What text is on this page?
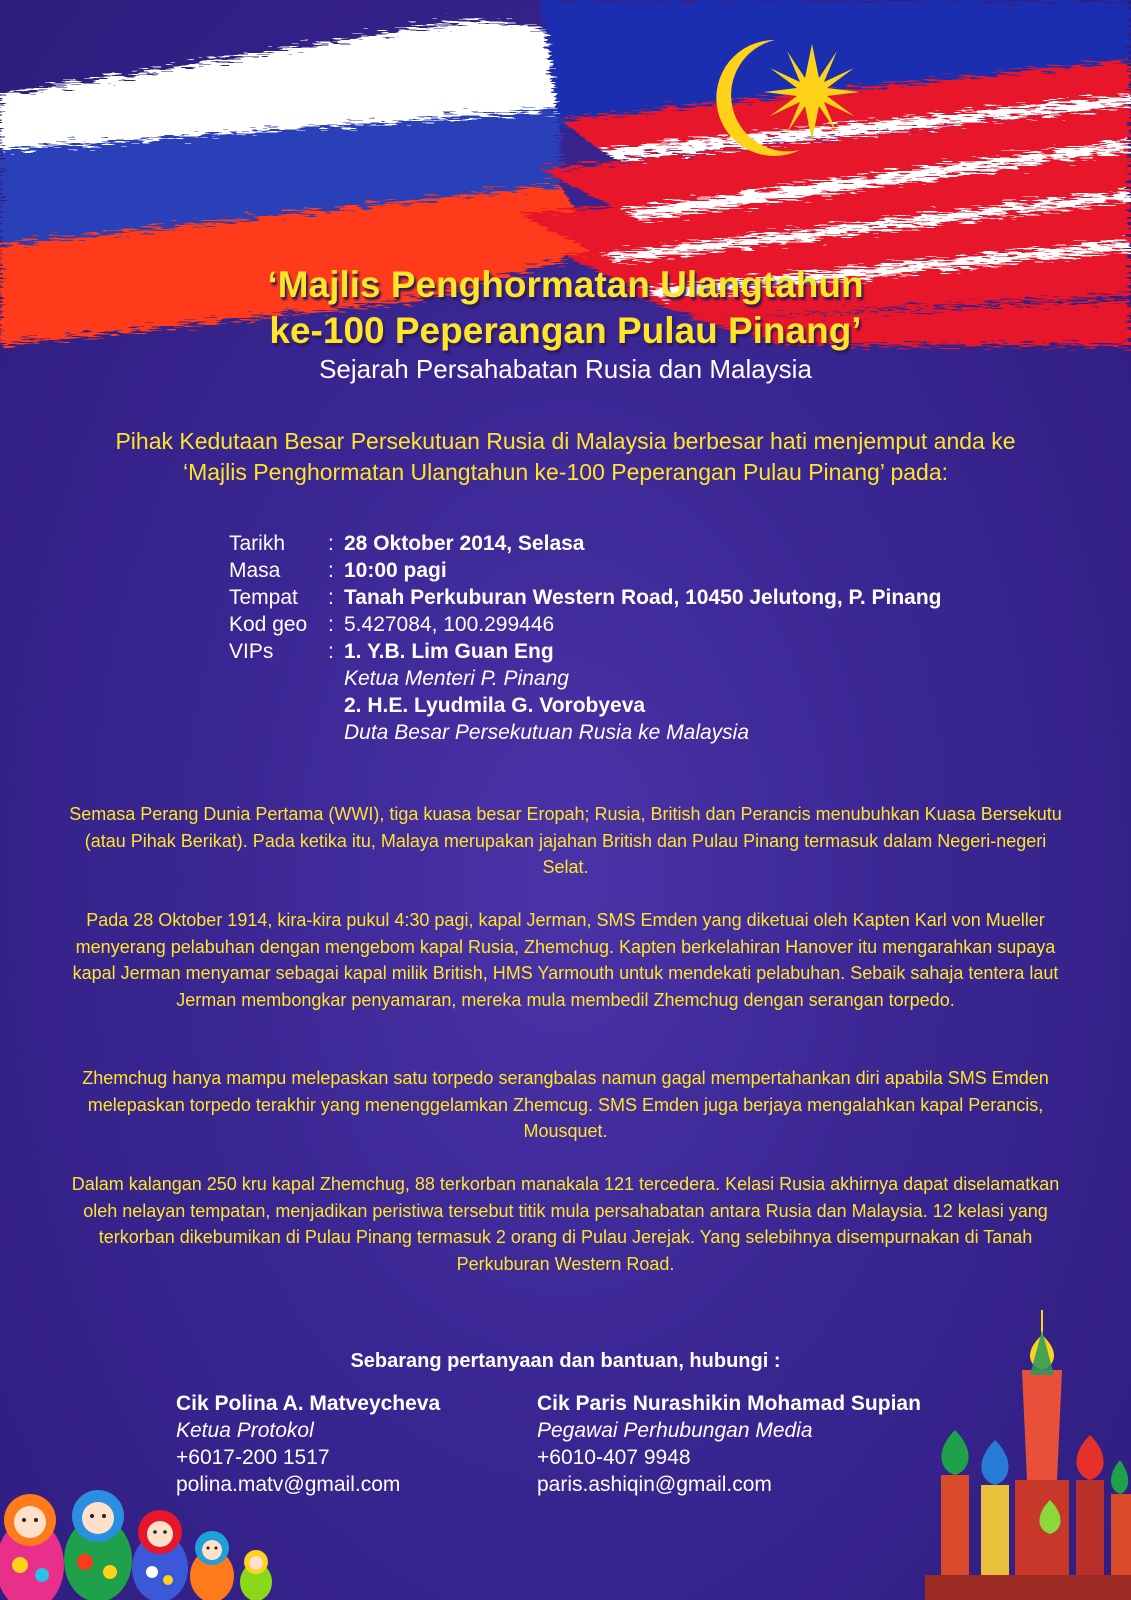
‘Majlis Penghormatan Ulangtahun
ke-100 Peperangan Pulau Pinang’
Sejarah Persahabatan Rusia dan Malaysia
Pihak Kedutaan Besar Persekutuan Rusia di Malaysia berbesar hati menjemput anda ke
‘Majlis Penghormatan Ulangtahun ke-100 Peperangan Pulau Pinang’ pada:
Tarikh : 28 Oktober 2014, Selasa
Masa : 10:00 pagi
Tempat : Tanah Perkuburan Western Road, 10450 Jelutong, P. Pinang
Kod geo : 5.427084, 100.299446
VIPs	: 1. Y.B. Lim Guan Eng
Ketua Menteri P. Pinang
2. H.E. Lyudmila G. Vorobyeva
Duta Besar Persekutuan Rusia ke Malaysia
Semasa Perang Dunia Pertama (WWI), tiga kuasa besar Eropah; Rusia, British dan Perancis menubuhkan Kuasa Bersekutu (atau Pihak Berikat). Pada ketika itu, Malaya merupakan jajahan British dan Pulau Pinang termasuk dalam Negeri-negeri Selat.
Pada 28 Oktober 1914, kira-kira pukul 4:30 pagi, kapal Jerman, SMS Emden yang diketuai oleh Kapten Karl von Mueller menyerang pelabuhan dengan mengebom kapal Rusia, Zhemchug. Kapten berkelahiran Hanover itu mengarahkan supaya kapal Jerman menyamar sebagai kapal milik British, HMS Yarmouth untuk mendekati pelabuhan. Sebaik sahaja tentera laut Jerman membongkar penyamaran, mereka mula membedil Zhemchug dengan serangan torpedo.
Zhemchug hanya mampu melepaskan satu torpedo serangbalas namun gagal mempertahankan diri apabila SMS Emden melepaskan torpedo terakhir yang menenggelamkan Zhemcug. SMS Emden juga berjaya mengalahkan kapal Perancis, Mousquet.
Dalam kalangan 250 kru kapal Zhemchug, 88 terkorban manakala 121 tercedera. Kelasi Rusia akhirnya dapat diselamatkan oleh nelayan tempatan, menjadikan peristiwa tersebut titik mula persahabatan antara Rusia dan Malaysia. 12 kelasi yang terkorban dikebumikan di Pulau Pinang termasuk 2 orang di Pulau Jerejak. Yang selebihnya disempurnakan di Tanah Perkuburan Western Road.
Sebarang pertanyaan dan bantuan, hubungi :
Cik Polina A. Matveycheva
Ketua Protokol
+6017-200 1517
polina.matv@gmail.com
Cik Paris Nurashikin Mohamad Supian
Pegawai Perhubungan Media
+6010-407 9948
paris.ashiqin@gmail.com
